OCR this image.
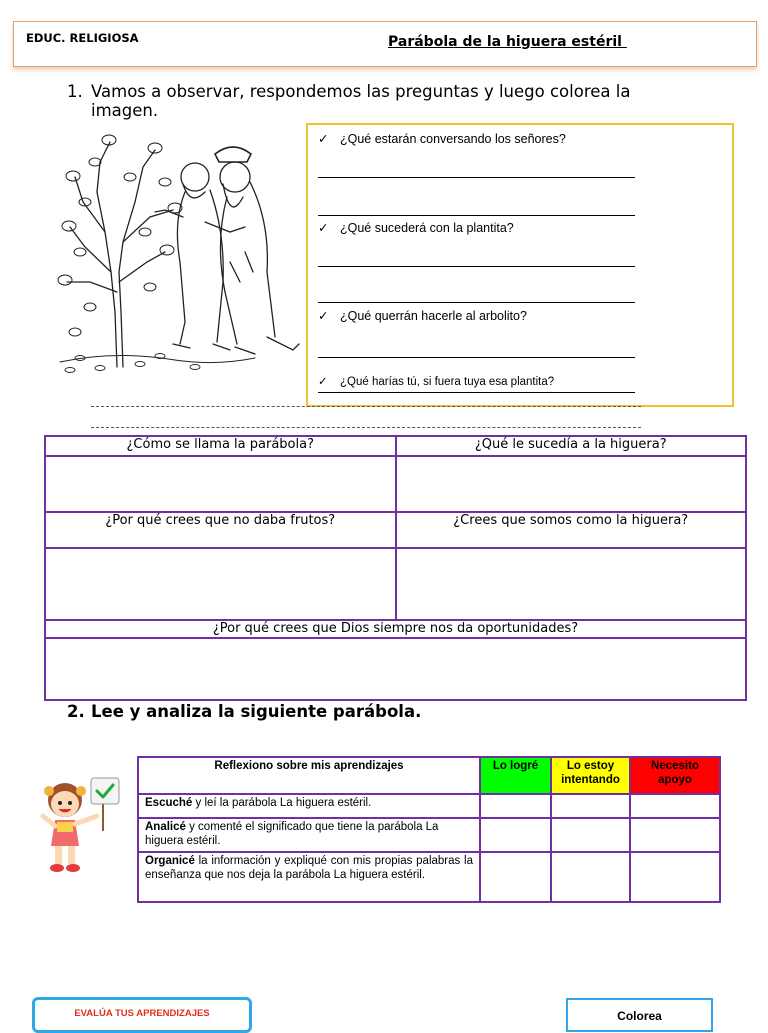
EDUC. RELIGIOSA	Parábola de la higuera estéril
1. Vamos a observar, respondemos las preguntas y luego colorea la imagen.
✓ ¿Qué estarán conversando los señores?
✓ ¿Qué sucederá con la plantita?
✓ ¿Qué querrán hacerle al arbolito?
✓ ¿Qué harías tú, si fuera tuya esa plantita?
¿Cómo se llama la parábola?	¿Qué le sucedía a la higuera?

¿Por qué crees que no daba frutos?	¿Crees que somos como la higuera?

¿Por qué crees que Dios siempre nos da oportunidades?	

2. Lee y analiza la siguiente parábola.
Reflexiono sobre mis aprendizajes	Lo logré	Lo estoy intentando	Necesito apoyo
Escuché y leí la parábola La higuera estéril.			
Analicé y comenté el significado que tiene la parábola La higuera estéril.			
Organicé la información y expliqué con mis propias palabras la enseñanza que nos deja la parábola La higuera estéril.			
EVALÚA TUS APRENDIZAJES	Colorea
